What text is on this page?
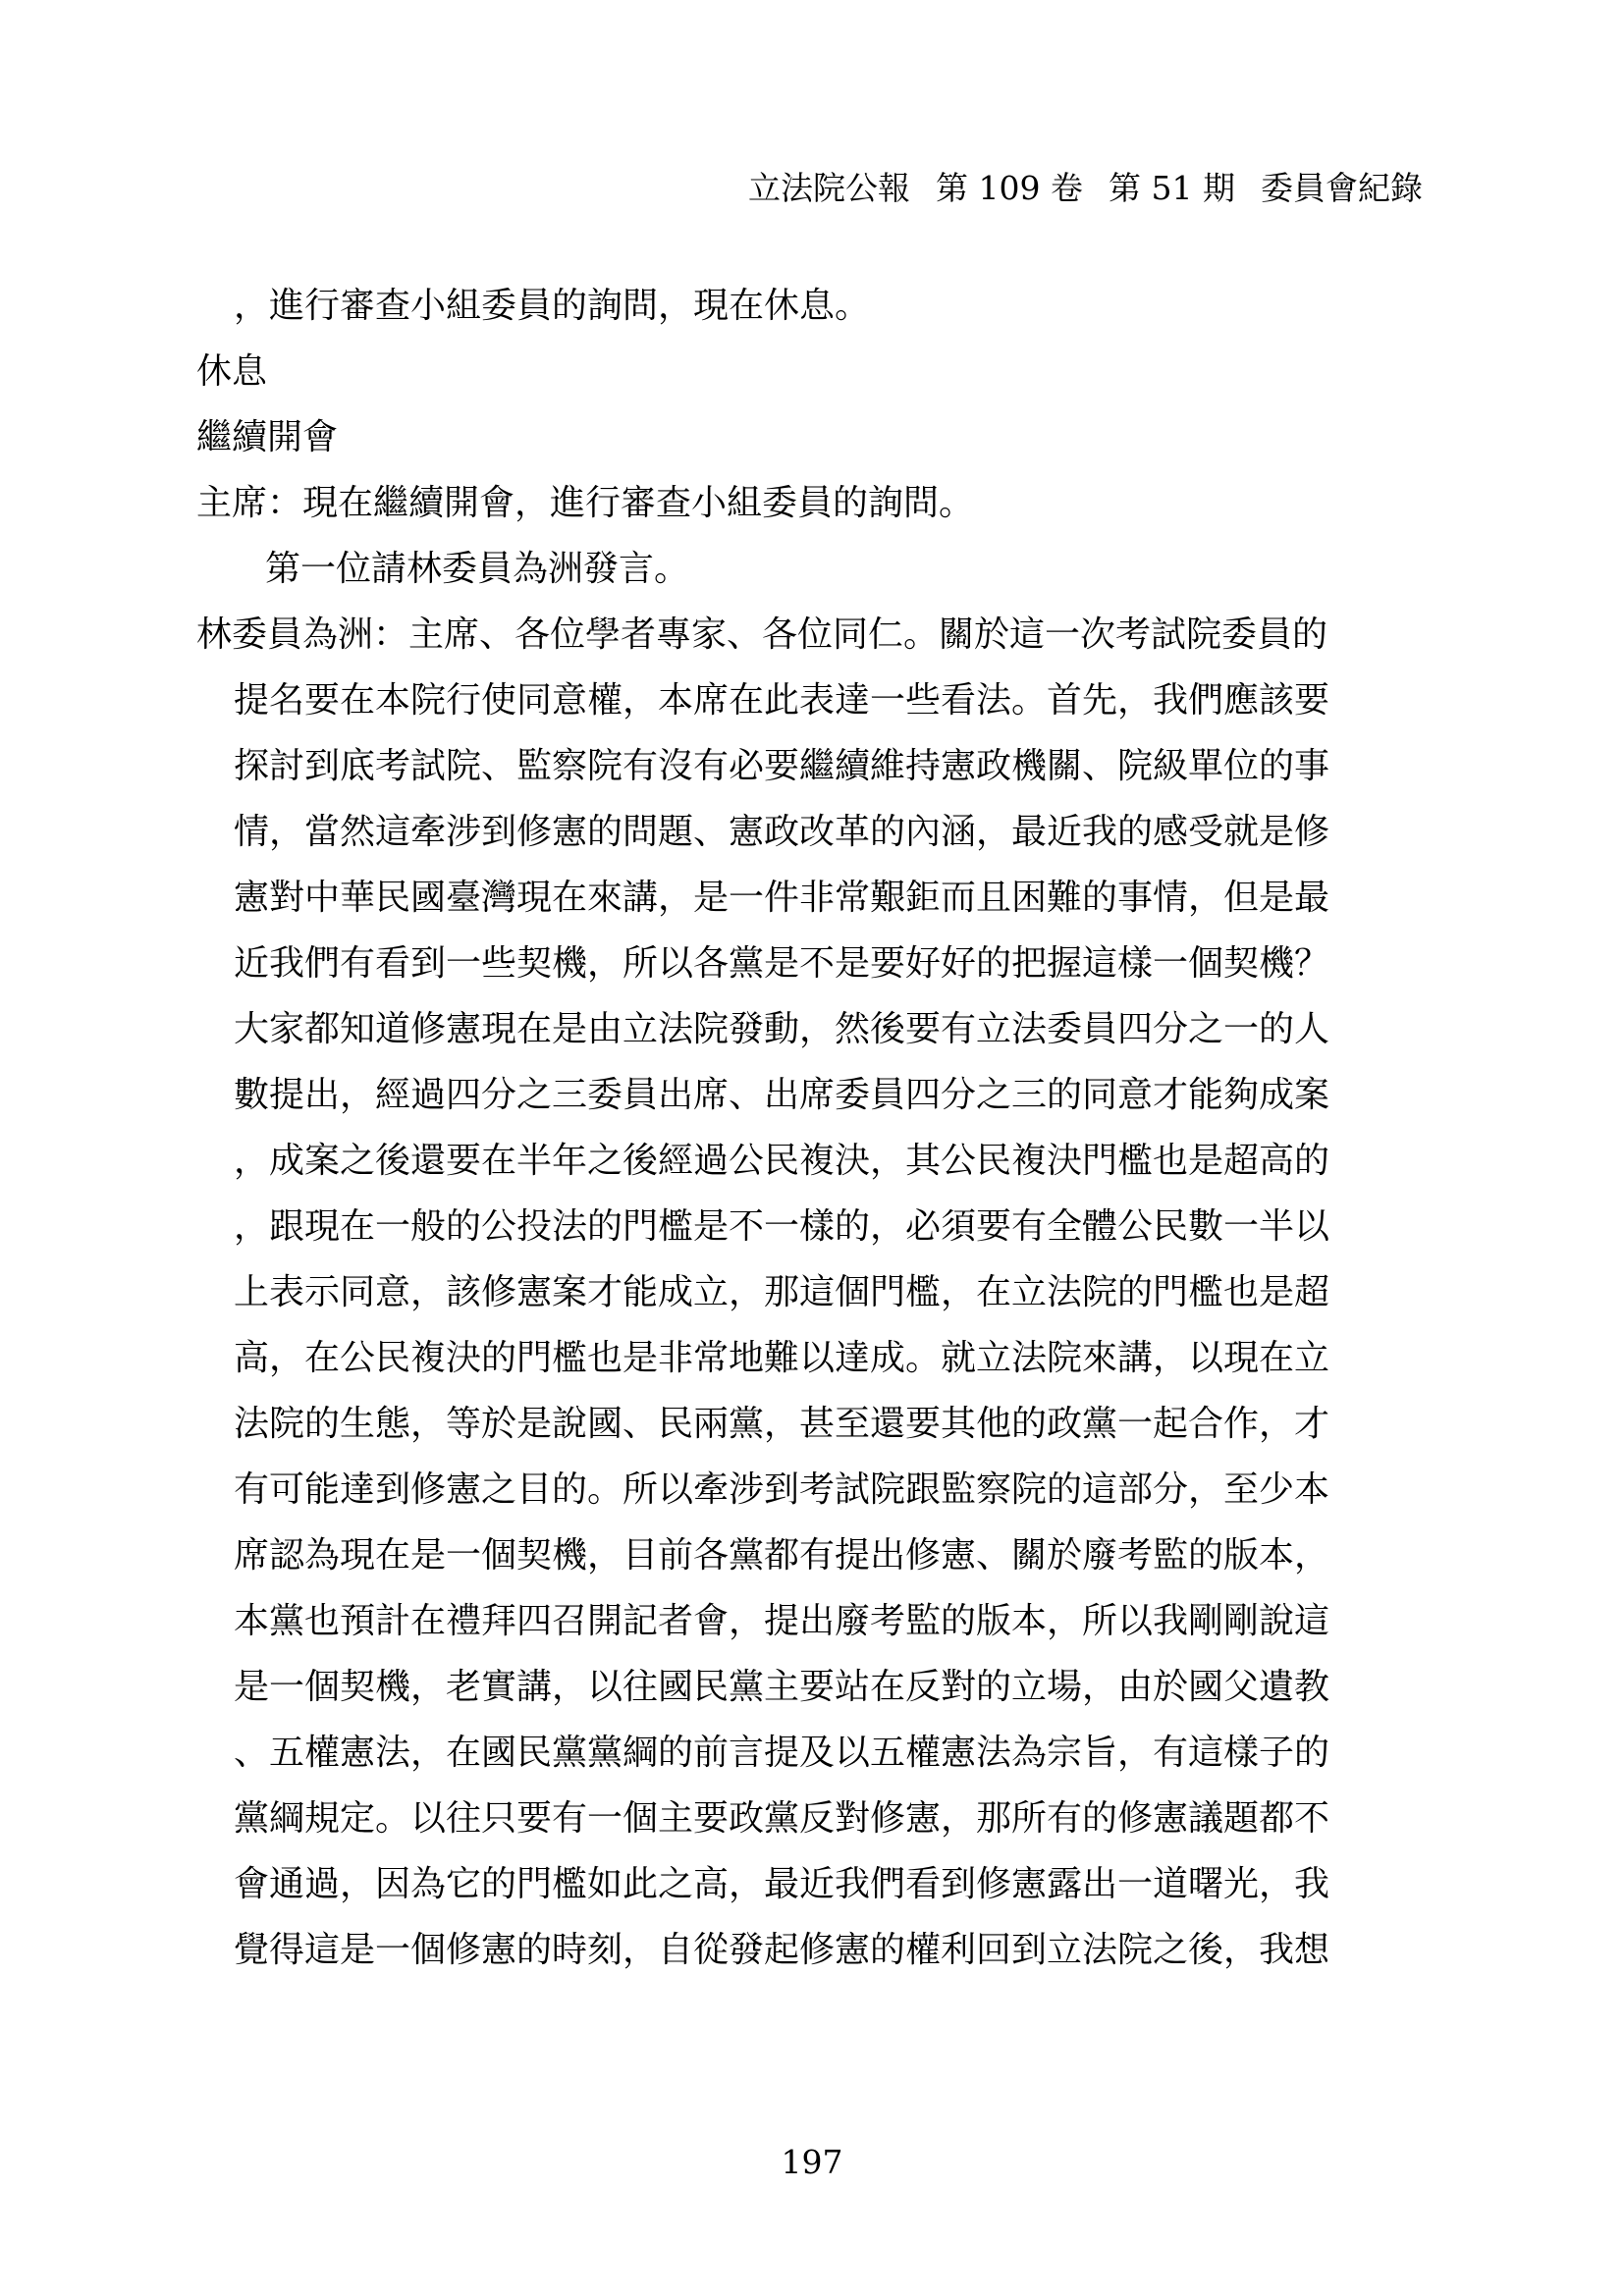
立法院公報 第 109 卷 第 51 期 委員會紀錄
，進行審查小組委員的詢問，現在休息。
休息
繼續開會
主席：現在繼續開會，進行審查小組委員的詢問。
第一位請林委員為洲發言。
林委員為洲：主席、各位學者專家、各位同仁。關於這一次考試院委員的
提名要在本院行使同意權，本席在此表達一些看法。首先，我們應該要
探討到底考試院、監察院有沒有必要繼續維持憲政機關、院級單位的事
情，當然這牽涉到修憲的問題、憲政改革的內涵，最近我的感受就是修
憲對中華民國臺灣現在來講，是一件非常艱鉅而且困難的事情，但是最
近我們有看到一些契機，所以各黨是不是要好好的把握這樣一個契機？
大家都知道修憲現在是由立法院發動，然後要有立法委員四分之一的人
數提出，經過四分之三委員出席、出席委員四分之三的同意才能夠成案
，成案之後還要在半年之後經過公民複決，其公民複決門檻也是超高的
，跟現在一般的公投法的門檻是不一樣的，必須要有全體公民數一半以
上表示同意，該修憲案才能成立，那這個門檻，在立法院的門檻也是超
高，在公民複決的門檻也是非常地難以達成。就立法院來講，以現在立
法院的生態，等於是說國、民兩黨，甚至還要其他的政黨一起合作，才
有可能達到修憲之目的。所以牽涉到考試院跟監察院的這部分，至少本
席認為現在是一個契機，目前各黨都有提出修憲、關於廢考監的版本，
本黨也預計在禮拜四召開記者會，提出廢考監的版本，所以我剛剛說這
是一個契機，老實講，以往國民黨主要站在反對的立場，由於國父遺教
、五權憲法，在國民黨黨綱的前言提及以五權憲法為宗旨，有這樣子的
黨綱規定。以往只要有一個主要政黨反對修憲，那所有的修憲議題都不
會通過，因為它的門檻如此之高，最近我們看到修憲露出一道曙光，我
覺得這是一個修憲的時刻，自從發起修憲的權利回到立法院之後，我想
197
